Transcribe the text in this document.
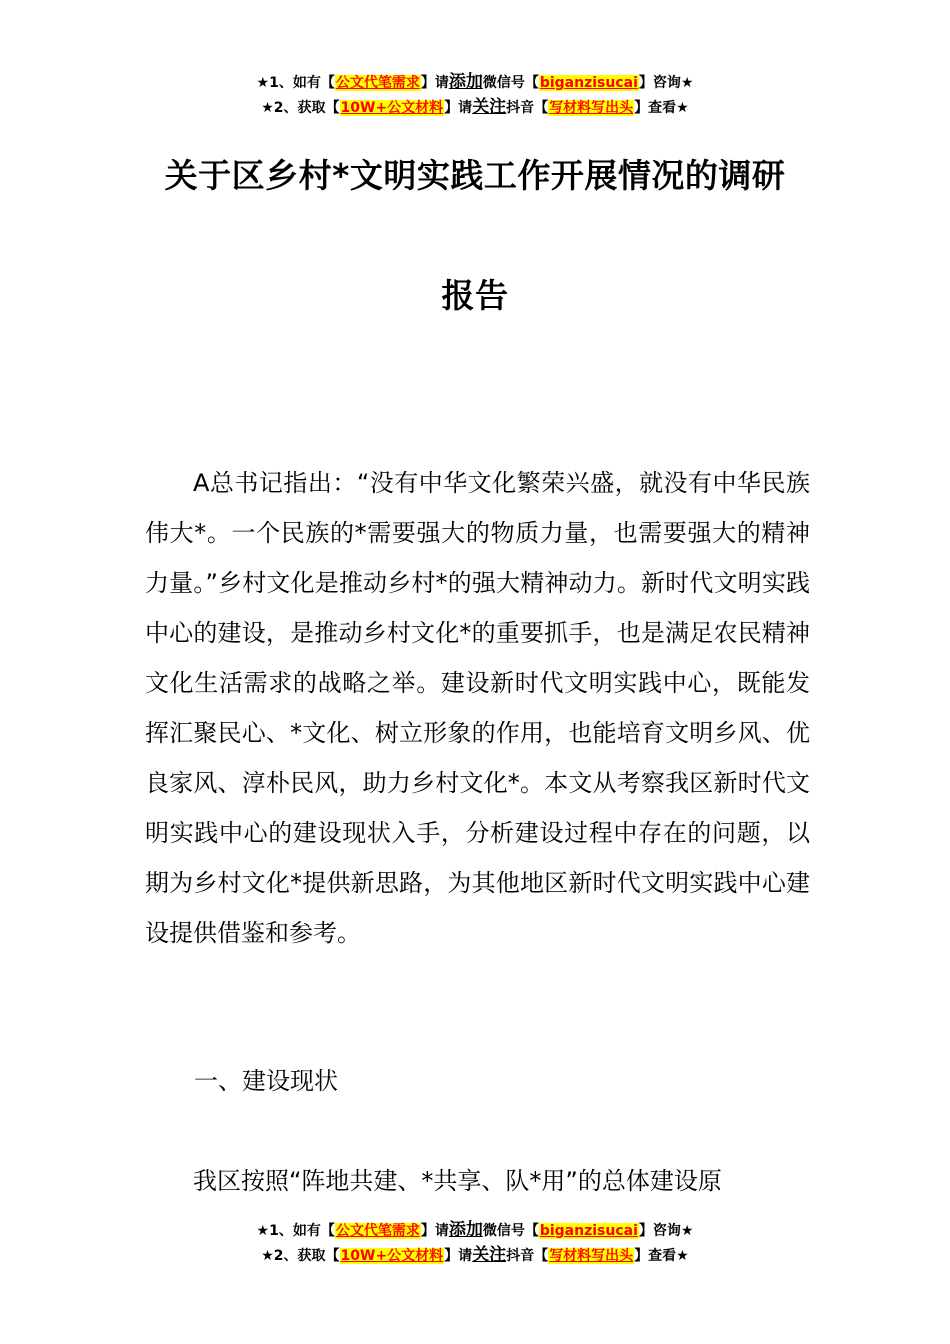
★1、如有【公文代笔需求】请添加微信号【biganzisucai】咨询★
★2、获取【10W+公文材料】请关注抖音【写材料写出头】查看★
关于区乡村*文明实践工作开展情况的调研
报告
A总书记指出：“没有中华文化繁荣兴盛，就没有中华民族伟大*。一个民族的*需要强大的物质力量，也需要强大的精神力量。”乡村文化是推动乡村*的强大精神动力。新时代文明实践中心的建设，是推动乡村文化*的重要抓手，也是满足农民精神文化生活需求的战略之举。建设新时代文明实践中心，既能发挥汇聚民心、*文化、树立形象的作用，也能培育文明乡风、优良家风、淳朴民风，助力乡村文化*。本文从考察我区新时代文明实践中心的建设现状入手，分析建设过程中存在的问题，以期为乡村文化*提供新思路，为其他地区新时代文明实践中心建设提供借鉴和参考。
一、建设现状
我区按照“阵地共建、*共享、队*用”的总体建设原
★1、如有【公文代笔需求】请添加微信号【biganzisucai】咨询★
★2、获取【10W+公文材料】请关注抖音【写材料写出头】查看★
